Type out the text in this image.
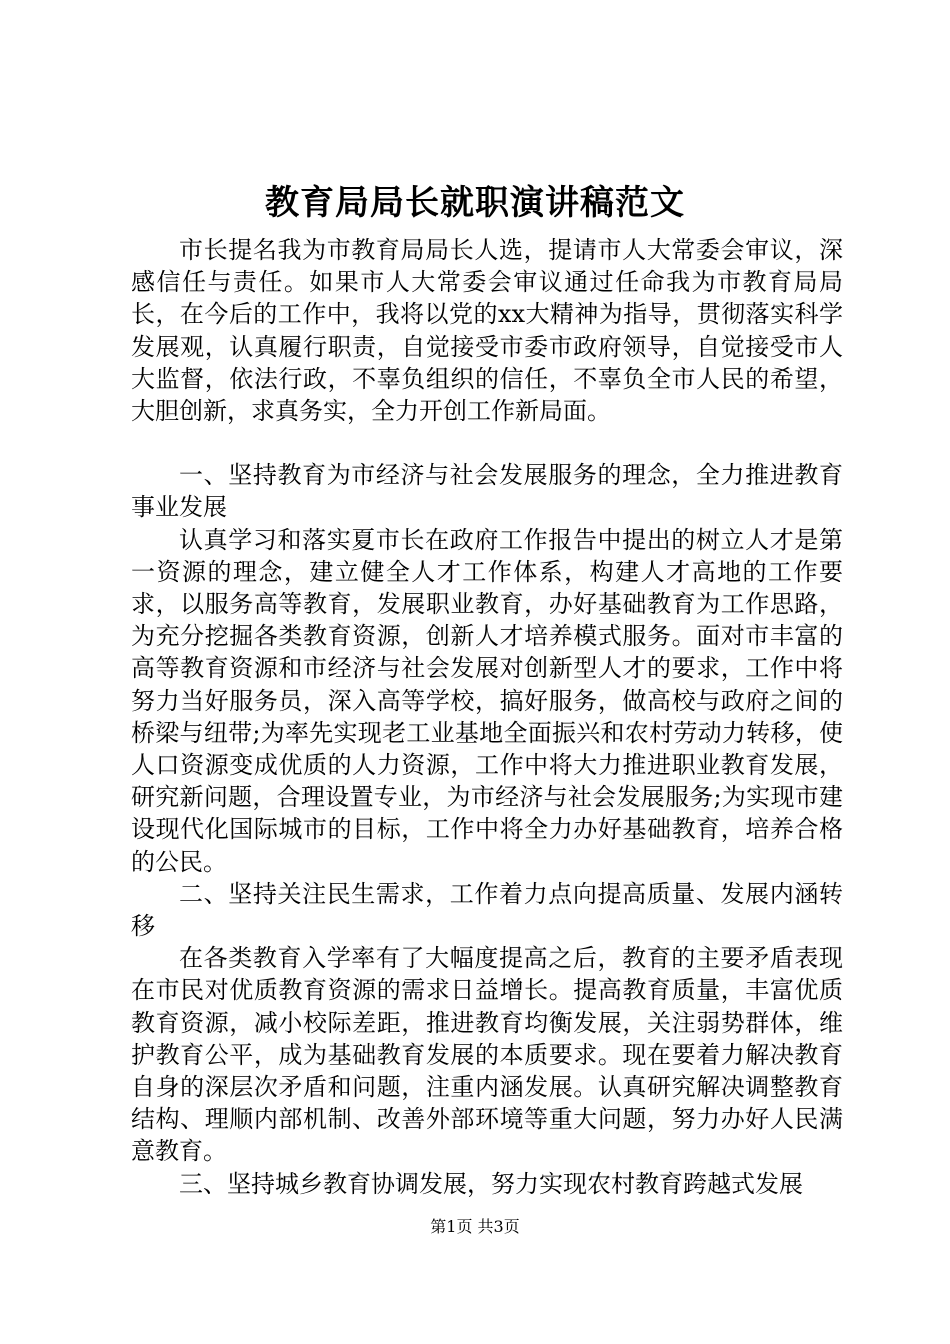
教育局局长就职演讲稿范文

市长提名我为市教育局局长人选，提请市人大常委会审议，深感信任与责任。如果市人大常委会审议通过任命我为市教育局局长，在今后的工作中，我将以党的xx大精神为指导，贯彻落实科学发展观，认真履行职责，自觉接受市委市政府领导，自觉接受市人大监督，依法行政，不辜负组织的信任，不辜负全市人民的希望，大胆创新，求真务实，全力开创工作新局面。

一、坚持教育为市经济与社会发展服务的理念，全力推进教育事业发展

认真学习和落实夏市长在政府工作报告中提出的树立人才是第一资源的理念，建立健全人才工作体系，构建人才高地的工作要求，以服务高等教育，发展职业教育，办好基础教育为工作思路，为充分挖掘各类教育资源，创新人才培养模式服务。面对市丰富的高等教育资源和市经济与社会发展对创新型人才的要求，工作中将努力当好服务员，深入高等学校，搞好服务，做高校与政府之间的桥梁与纽带;为率先实现老工业基地全面振兴和农村劳动力转移，使人口资源变成优质的人力资源，工作中将大力推进职业教育发展，研究新问题，合理设置专业，为市经济与社会发展服务;为实现市建设现代化国际城市的目标，工作中将全力办好基础教育，培养合格的公民。

二、坚持关注民生需求，工作着力点向提高质量、发展内涵转移

在各类教育入学率有了大幅度提高之后，教育的主要矛盾表现在市民对优质教育资源的需求日益增长。提高教育质量，丰富优质教育资源，减小校际差距，推进教育均衡发展，关注弱势群体，维护教育公平，成为基础教育发展的本质要求。现在要着力解决教育自身的深层次矛盾和问题，注重内涵发展。认真研究解决调整教育结构、理顺内部机制、改善外部环境等重大问题，努力办好人民满意教育。

三、坚持城乡教育协调发展，努力实现农村教育跨越式发展

第1页 共3页
